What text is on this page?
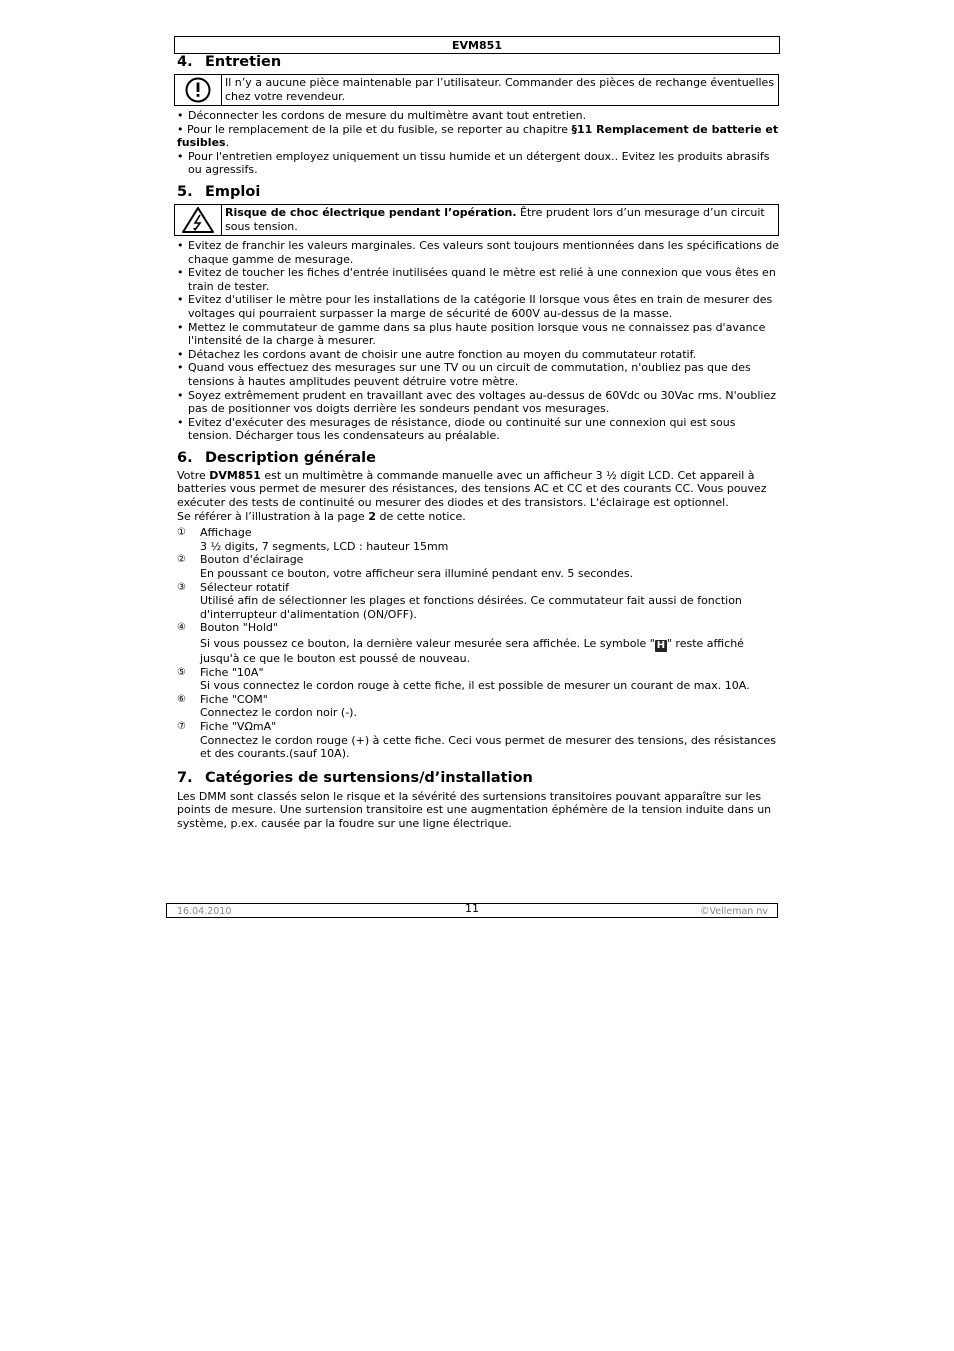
EVM851
4. Entretien
Il n’y a aucune pièce maintenable par l’utilisateur. Commander des pièces de rechange éventuelles chez votre revendeur.
• Déconnecter les cordons de mesure du multimètre avant tout entretien.
• Pour le remplacement de la pile et du fusible, se reporter au chapitre §11 Remplacement de batterie et fusibles.
• Pour l'entretien employez uniquement un tissu humide et un détergent doux.. Evitez les produits abrasifs ou agressifs.
5. Emploi
Risque de choc électrique pendant l’opération. Être prudent lors d’un mesurage d’un circuit sous tension.
• Evitez de franchir les valeurs marginales. Ces valeurs sont toujours mentionnées dans les spécifications de chaque gamme de mesurage.
• Evitez de toucher les fiches d'entrée inutilisées quand le mètre est relié à une connexion que vous êtes en train de tester.
• Evitez d'utiliser le mètre pour les installations de la catégorie II lorsque vous êtes en train de mesurer des voltages qui pourraient surpasser la marge de sécurité de 600V au-dessus de la masse.
• Mettez le commutateur de gamme dans sa plus haute position lorsque vous ne connaissez pas d'avance l'intensité de la charge à mesurer.
• Détachez les cordons avant de choisir une autre fonction au moyen du commutateur rotatif.
• Quand vous effectuez des mesurages sur une TV ou un circuit de commutation, n'oubliez pas que des tensions à hautes amplitudes peuvent détruire votre mètre.
• Soyez extrêmement prudent en travaillant avec des voltages au-dessus de 60Vdc ou 30Vac rms. N'oubliez pas de positionner vos doigts derrière les sondeurs pendant vos mesurages.
• Evitez d'exécuter des mesurages de résistance, diode ou continuité sur une connexion qui est sous tension. Décharger tous les condensateurs au préalable.
6. Description générale

Votre DVM851 est un multimètre à commande manuelle avec un afficheur 3 ½ digit LCD. Cet appareil à batteries vous permet de mesurer des résistances, des tensions AC et CC et des courants CC. Vous pouvez exécuter des tests de continuité ou mesurer des diodes et des transistors. L'éclairage est optionnel.

Se référer à l’illustration à la page 2 de cette notice.

①	Affichage
3 ½ digits, 7 segments, LCD : hauteur 15mm
②	Bouton d'éclairage
En poussant ce bouton, votre afficheur sera illuminé pendant env. 5 secondes.
③	Sélecteur rotatif
Utilisé afin de sélectionner les plages et fonctions désirées. Ce commutateur fait aussi de fonction d'interrupteur d'alimentation (ON/OFF).
④	Bouton "Hold"
Si vous poussez ce bouton, la dernière valeur mesurée sera affichée. Le symbole " H " reste affiché jusqu'à ce que le bouton est poussé de nouveau.
⑤	Fiche "10A"
Si vous connectez le cordon rouge à cette fiche, il est possible de mesurer un courant de max. 10A.
⑥	Fiche "COM"
Connectez le cordon noir (-).
⑦	Fiche "VΩmA"
Connectez le cordon rouge (+) à cette fiche. Ceci vous permet de mesurer des tensions, des résistances et des courants.(sauf 10A).
7. Catégories de surtensions/d’installation

Les DMM sont classés selon le risque et la sévérité des surtensions transitoires pouvant apparaître sur les points de mesure. Une surtension transitoire est une augmentation éphémère de la tension induite dans un système, p.ex. causée par la foudre sur une ligne électrique.

16.04.2010	11	©Velleman nv
